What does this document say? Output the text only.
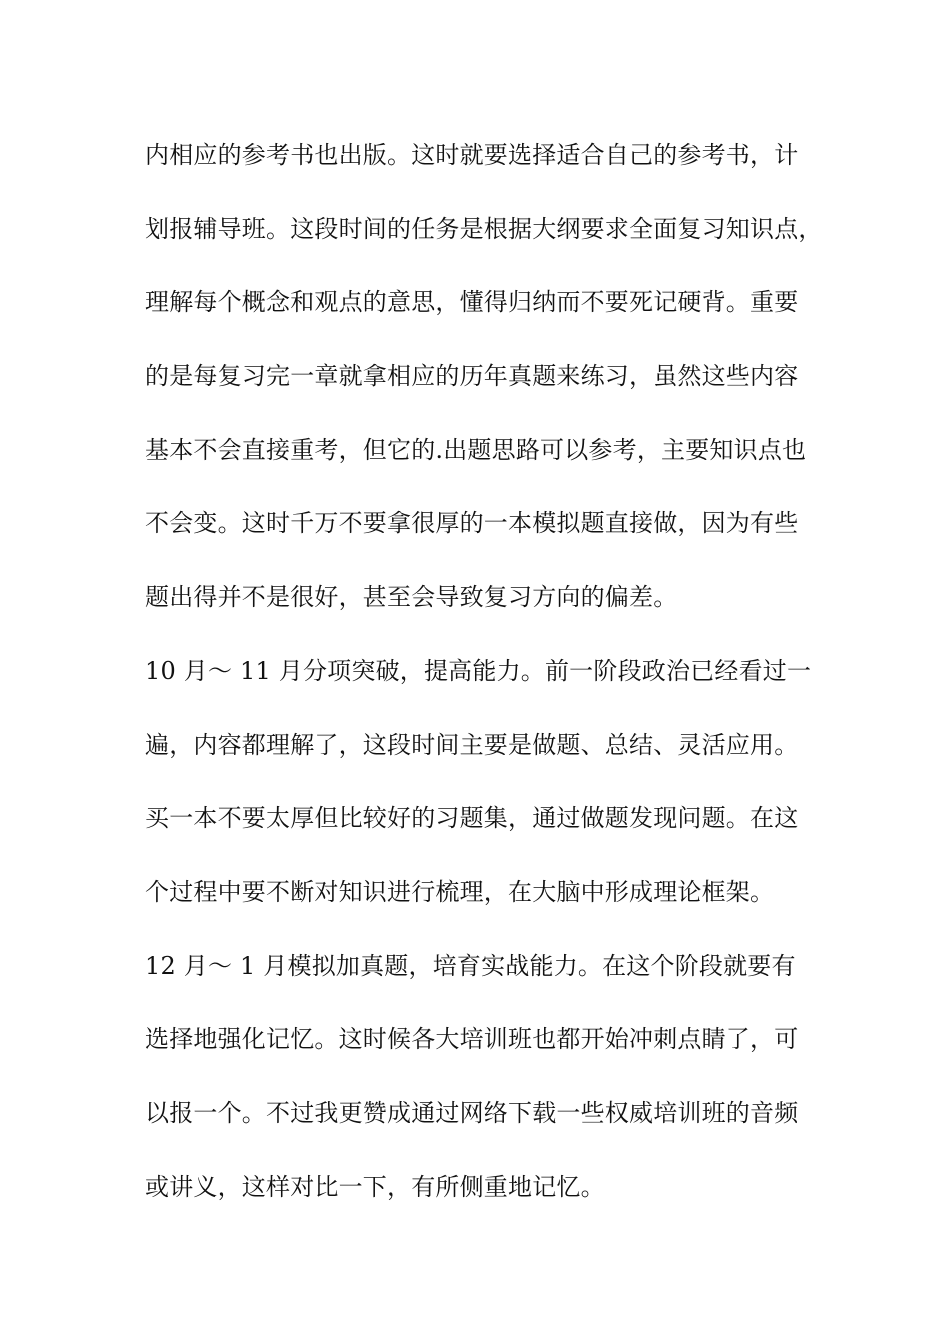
内相应的参考书也出版。这时就要选择适合自己的参考书，计
划报辅导班。这段时间的任务是根据大纲要求全面复习知识点，
理解每个概念和观点的意思，懂得归纳而不要死记硬背。重要
的是每复习完一章就拿相应的历年真题来练习，虽然这些内容
基本不会直接重考，但它的.出题思路可以参考，主要知识点也
不会变。这时千万不要拿很厚的一本模拟题直接做，因为有些
题出得并不是很好，甚至会导致复习方向的偏差。
10 月～ 11 月分项突破，提高能力。前一阶段政治已经看过一
遍，内容都理解了，这段时间主要是做题、总结、灵活应用。
买一本不要太厚但比较好的习题集，通过做题发现问题。在这
个过程中要不断对知识进行梳理，在大脑中形成理论框架。
12 月～ 1 月模拟加真题，培育实战能力。在这个阶段就要有
选择地强化记忆。这时候各大培训班也都开始冲刺点睛了，可
以报一个。不过我更赞成通过网络下载一些权威培训班的音频
或讲义，这样对比一下，有所侧重地记忆。
